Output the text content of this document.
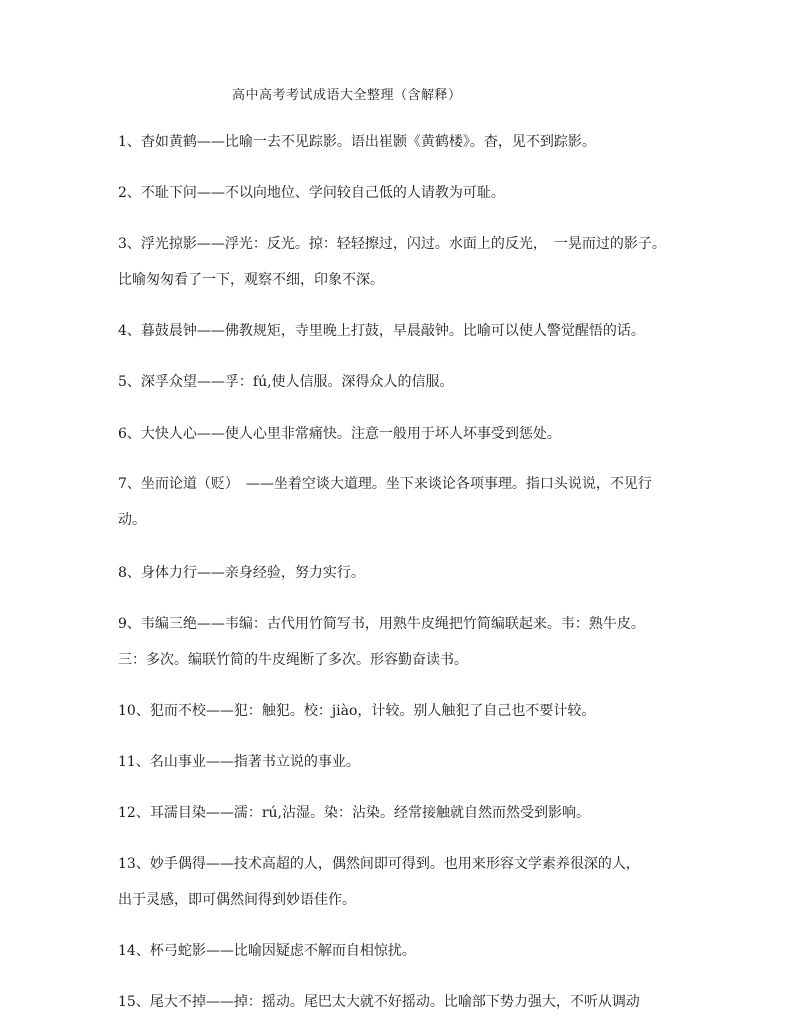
高中高考考试成语大全整理（含解释）
1、杳如黄鹤——比喻一去不见踪影。语出崔颢《黄鹤楼》。杳，见不到踪影。
2、不耻下问——不以向地位、学问较自己低的人请教为可耻。
3、浮光掠影——浮光：反光。掠：轻轻擦过，闪过。水面上的反光，　一晃而过的影子。
比喻匆匆看了一下，观察不细，印象不深。
4、暮鼓晨钟——佛教规矩，寺里晚上打鼓，早晨敲钟。比喻可以使人警觉醒悟的话。
5、深孚众望——孚：fú,使人信服。深得众人的信服。
6、大快人心——使人心里非常痛快。注意一般用于坏人坏事受到惩处。
7、坐而论道（贬）　——坐着空谈大道理。坐下来谈论各项事理。指口头说说，不见行
动。
8、身体力行——亲身经验，努力实行。
9、韦编三绝——韦编：古代用竹简写书，用熟牛皮绳把竹简编联起来。韦：熟牛皮。
三：多次。编联竹简的牛皮绳断了多次。形容勤奋读书。
10、犯而不校——犯：触犯。校：jiào，计较。别人触犯了自己也不要计较。
11、名山事业——指著书立说的事业。
12、耳濡目染——濡：rú,沾湿。染：沾染。经常接触就自然而然受到影响。
13、妙手偶得——技术高超的人，偶然间即可得到。也用来形容文学素养很深的人，
出于灵感，即可偶然间得到妙语佳作。
14、杯弓蛇影——比喻因疑虑不解而自相惊扰。
15、尾大不掉——掉：摇动。尾巴太大就不好摇动。比喻部下势力强大，不听从调动
